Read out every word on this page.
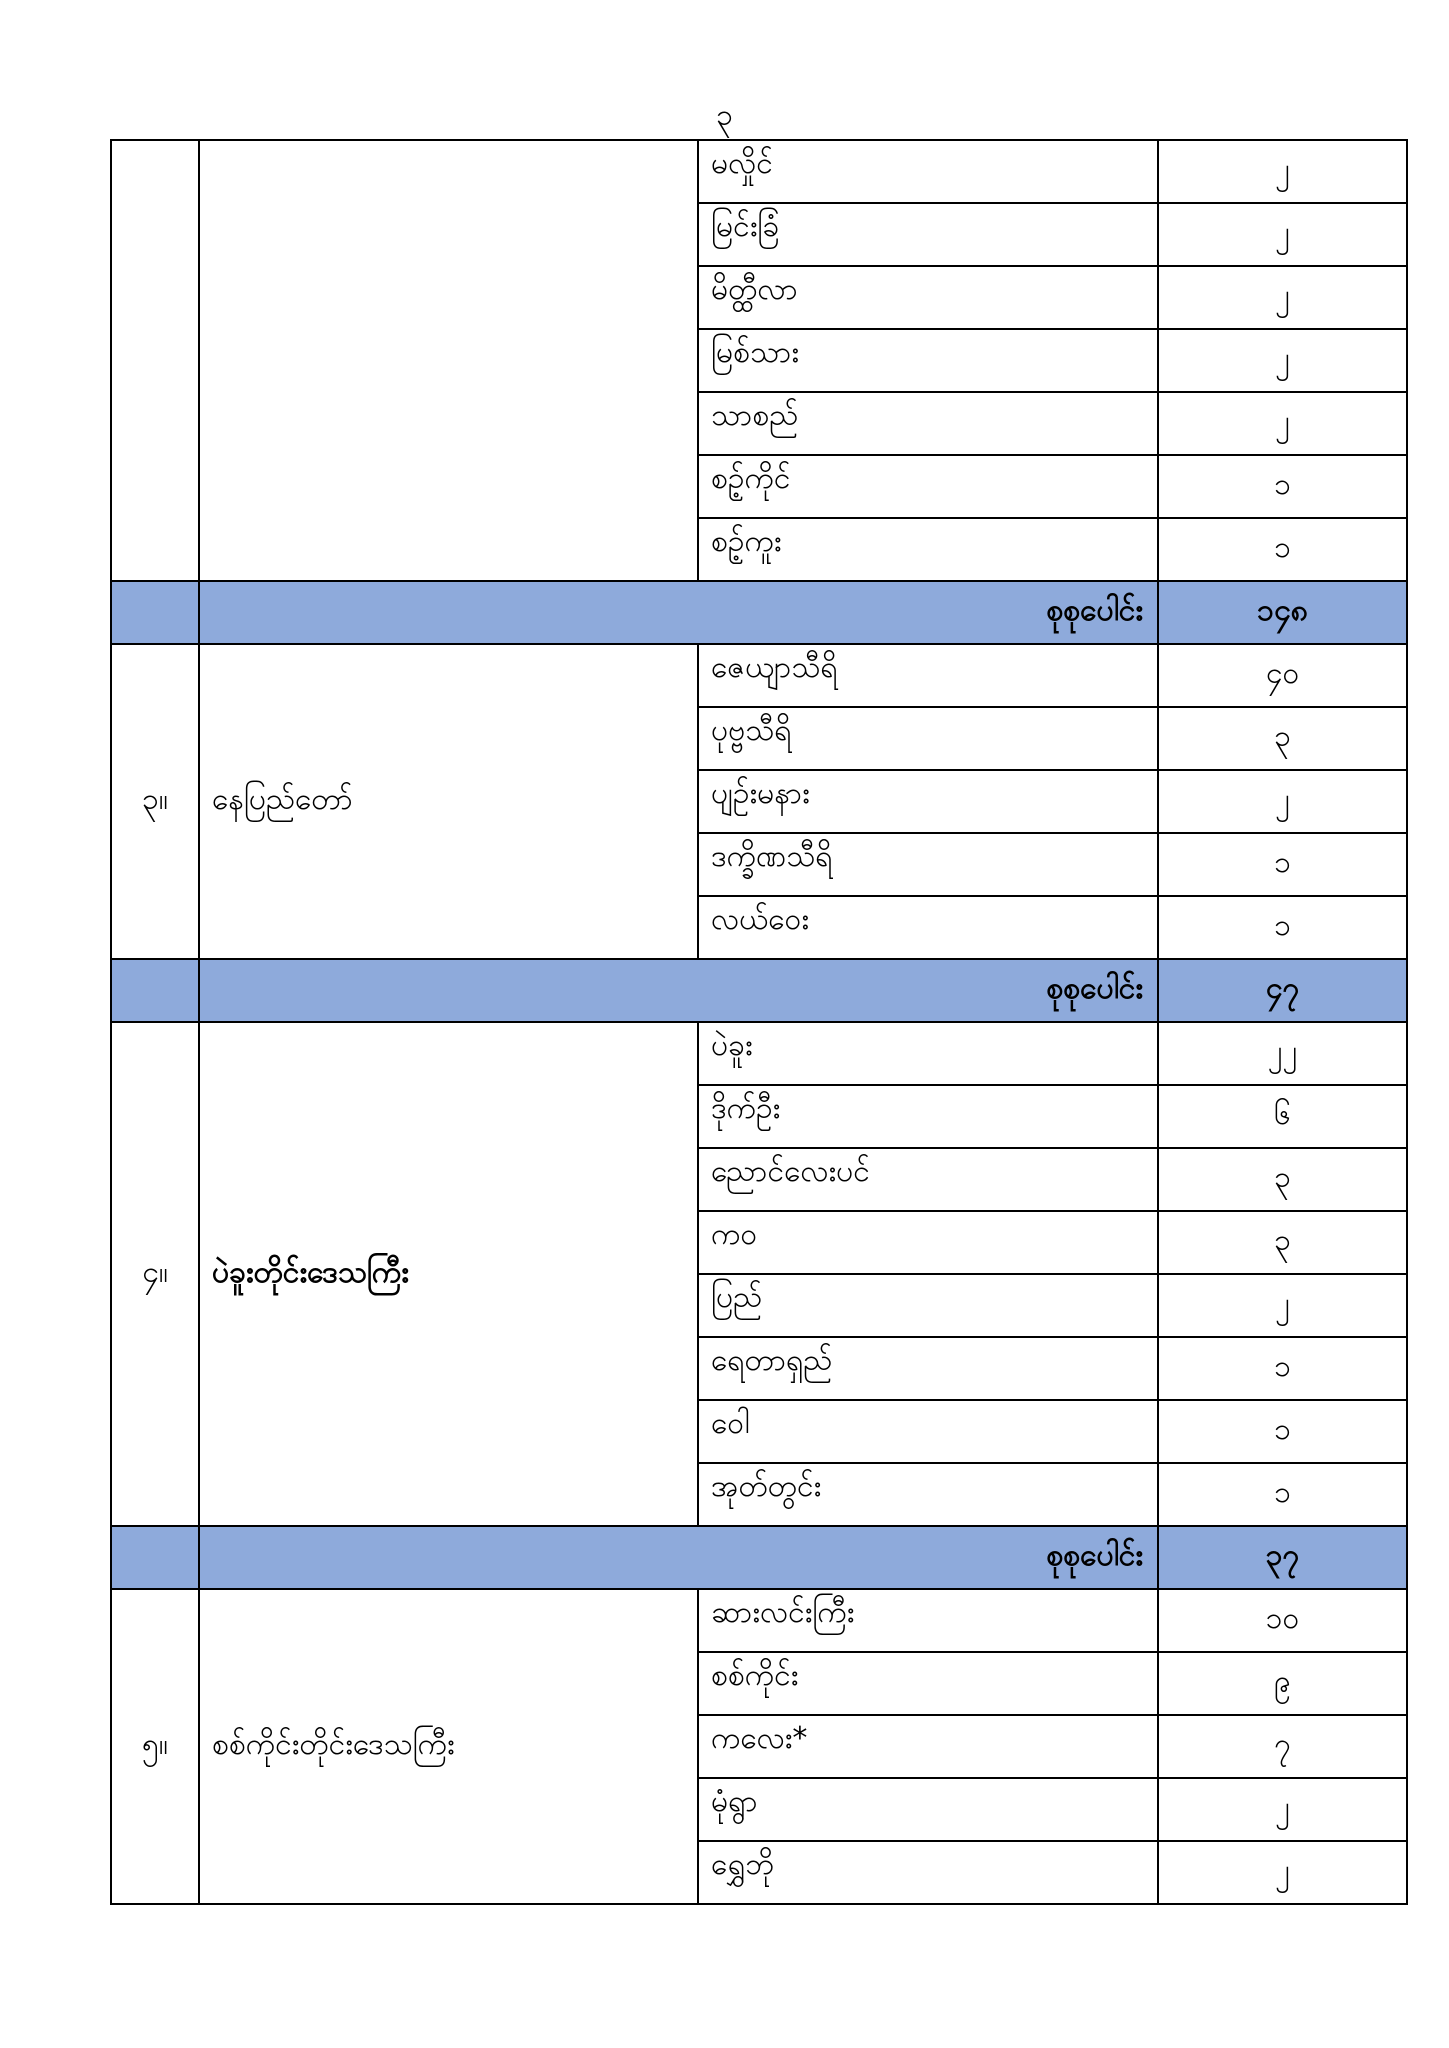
၃
		မလှိုင်	၂
		မြင်းခြံ	၂
		မိတ္ထီလာ	၂
		မြစ်သား	၂
		သာစည်	၂
		စဉ့်ကိုင်	၁
		စဉ့်ကူး	၁
	စုစုပေါင်း		၁၄၈
၃။	နေပြည်တော်	ဇေယျာသီရိ	၄၀
		ပုဗ္ဗသီရိ	၃
		ပျဉ်းမနား	၂
		ဒက္ခိဏသီရိ	၁
		လယ်ဝေး	၁
	စုစုပေါင်း		၄၇
၄။	ပဲခူးတိုင်းဒေသကြီး	ပဲခူး	၂၂
		ဒိုက်ဦး	၆
		ညောင်လေးပင်	၃
		ကဝ	၃
		ပြည်	၂
		ရေတာရှည်	၁
		ဝေါ	၁
		အုတ်တွင်း	၁
	စုစုပေါင်း		၃၇
၅။	စစ်ကိုင်းတိုင်းဒေသကြီး	ဆားလင်းကြီး	၁၀
		စစ်ကိုင်း	၉
		ကလေး*	၇
		မုံရွာ	၂
		ရွှေဘို	၂
